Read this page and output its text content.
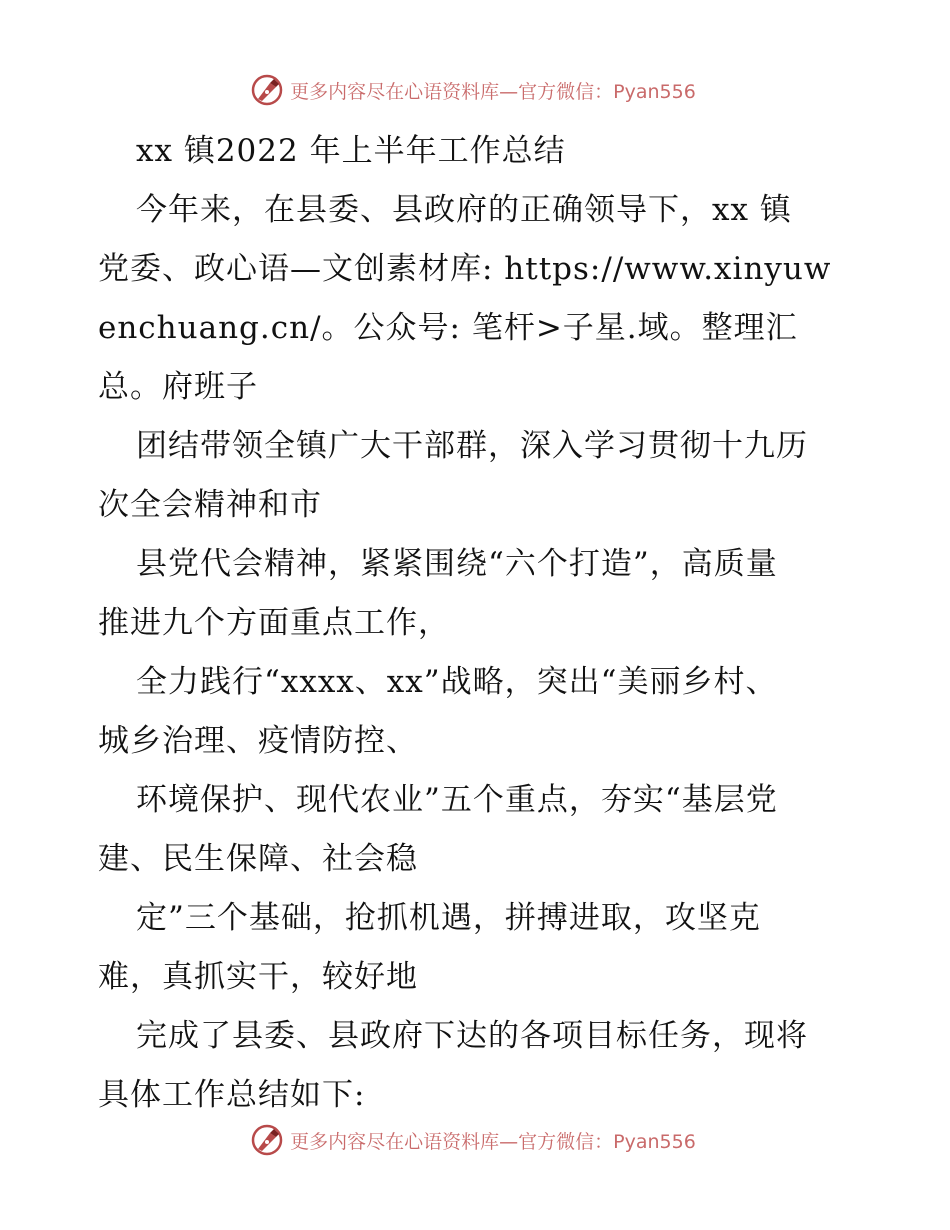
更多内容尽在心语资料库—官方微信：Pyan556
xx 镇2022 年上半年工作总结
今年来，在县委、县政府的正确领导下，xx 镇
党委、政心语—文创素材库: https://www.xinyuw
enchuang.cn/。公众号: 笔杆>子星.域。整理汇
总。府班子
团结带领全镇广大干部群，深入学习贯彻十九历
次全会精神和市
县党代会精神，紧紧围绕“六个打造”，高质量
推进九个方面重点工作，
全力践行“xxxx、xx”战略，突出“美丽乡村、
城乡治理、疫情防控、
环境保护、现代农业”五个重点，夯实“基层党
建、民生保障、社会稳
定”三个基础，抢抓机遇，拼搏进取，攻坚克
难，真抓实干，较好地
完成了县委、县政府下达的各项目标任务，现将
具体工作总结如下:
更多内容尽在心语资料库—官方微信：Pyan556
